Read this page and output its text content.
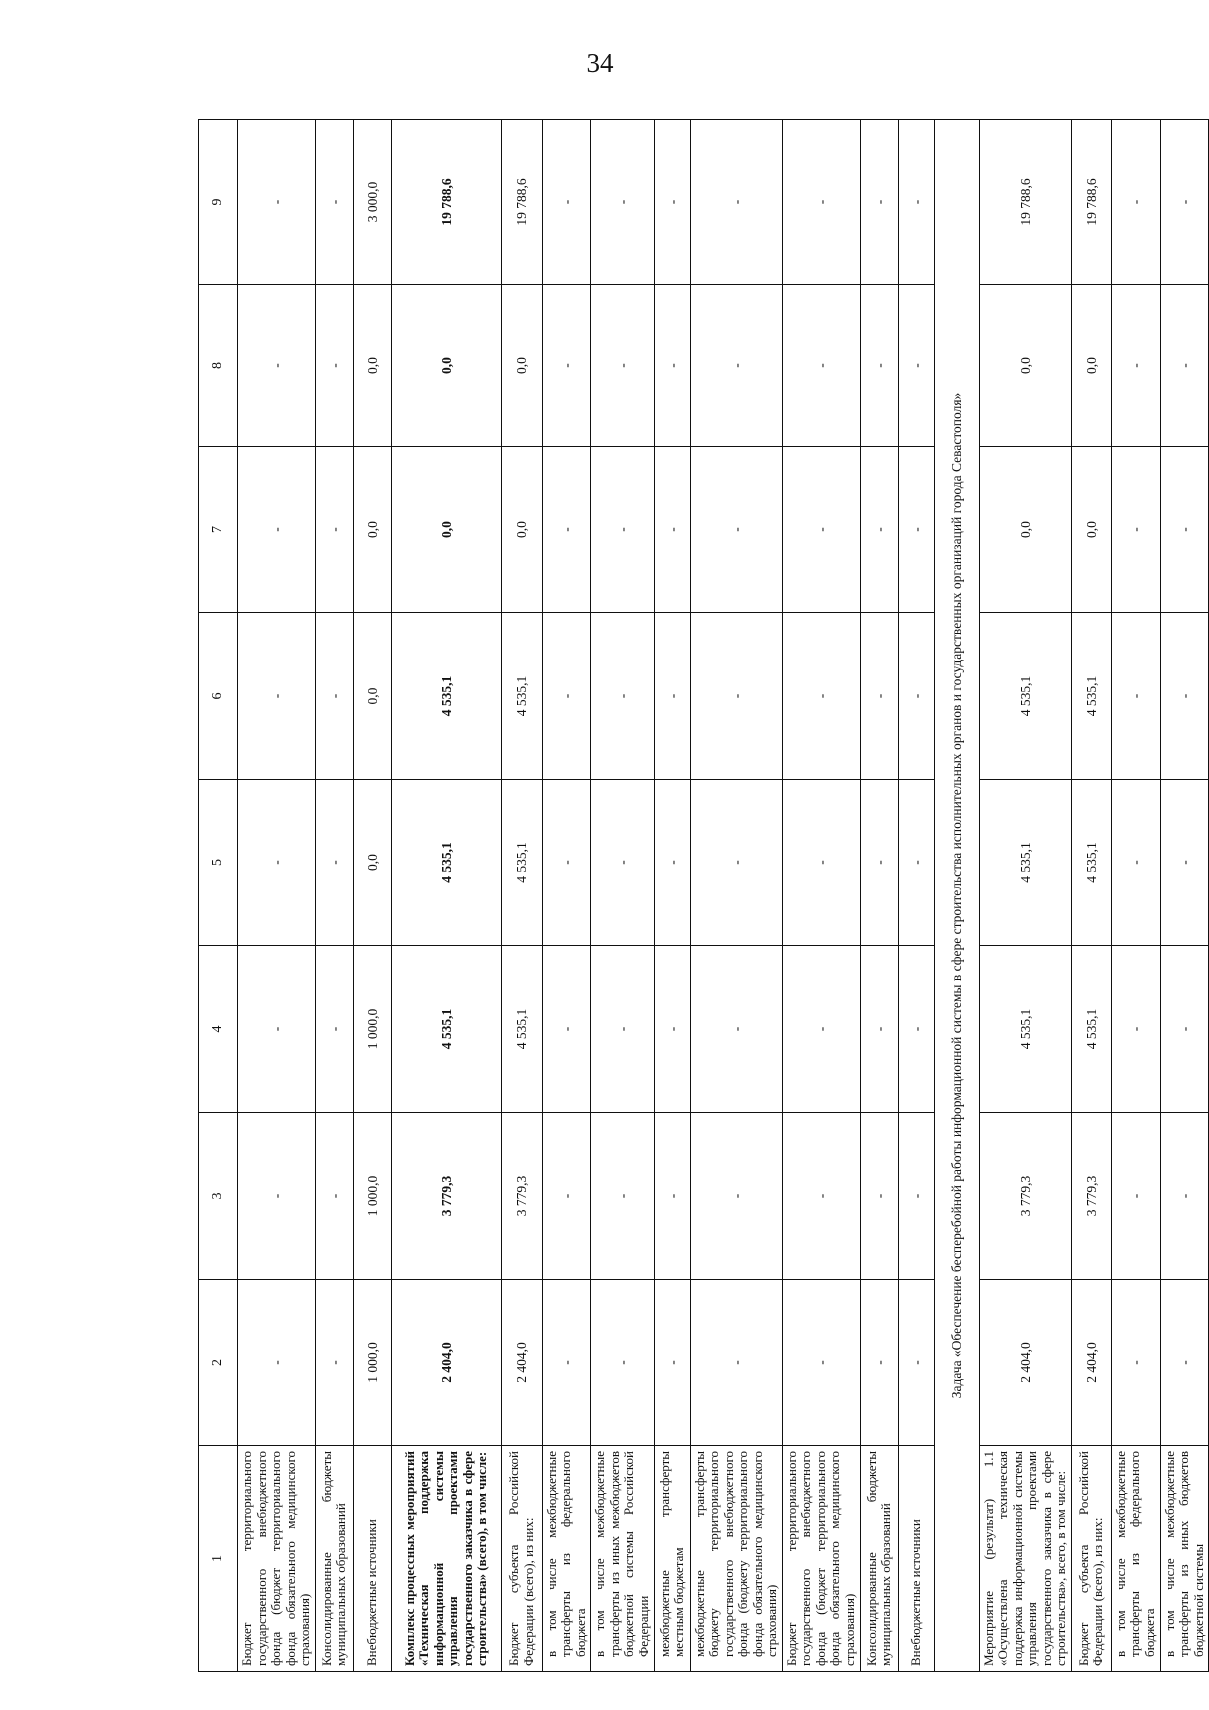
34
1	2	3	4	5	6	7	8	9
Бюджет территориального государственного внебюджетного фонда (бюджет территориального фонда обязательного медицинского страхования)	-	-	-	-	-	-	-	-
Консолидированные бюджеты муниципальных образований	-	-	-	-	-	-	-	-
Внебюджетные источники	1 000,0	1 000,0	1 000,0	0,0	0,0	0,0	0,0	3 000,0
Комплекс процессных мероприятий «Техническая поддержка информационной системы управления проектами государственного заказчика в сфере строительства» (всего), в том числе:	2 404,0	3 779,3	4 535,1	4 535,1	4 535,1	0,0	0,0	19 788,6
Бюджет субъекта Российской Федерации (всего), из них:	2 404,0	3 779,3	4 535,1	4 535,1	4 535,1	0,0	0,0	19 788,6
в том числе межбюджетные трансферты из федерального бюджета	-	-	-	-	-	-	-	-
в том числе межбюджетные трансферты из иных межбюджетов бюджетной системы Российской Федерации	-	-	-	-	-	-	-	-
межбюджетные трансферты местным бюджетам	-	-	-	-	-	-	-	-
межбюджетные трансферты бюджету территориального государственного внебюджетного фонда (бюджету территориального фонда обязательного медицинского страхования)	-	-	-	-	-	-	-	-
Бюджет территориального государственного внебюджетного фонда (бюджет территориального фонда обязательного медицинского страхования)	-	-	-	-	-	-	-	-
Консолидированные бюджеты муниципальных образований	-	-	-	-	-	-	-	-
Внебюджетные источники	-	-	-	-	-	-	-	-
Задача «Обеспечение бесперебойной работы информационной системы в сфере строительства исполнительных органов и государственных организаций города Севастополя»								
Мероприятие (результат) 1.1 «Осуществлена техническая поддержка информационной системы управления проектами государственного заказчика в сфере строительства», всего, в том числе:	2 404,0	3 779,3	4 535,1	4 535,1	4 535,1	0,0	0,0	19 788,6
Бюджет субъекта Российской Федерации (всего), из них:	2 404,0	3 779,3	4 535,1	4 535,1	4 535,1	0,0	0,0	19 788,6
в том числе межбюджетные трансферты из федерального бюджета	-	-	-	-	-	-	-	-
в том числе межбюджетные трансферты из иных бюджетов бюджетной системы	-	-	-	-	-	-	-	-
